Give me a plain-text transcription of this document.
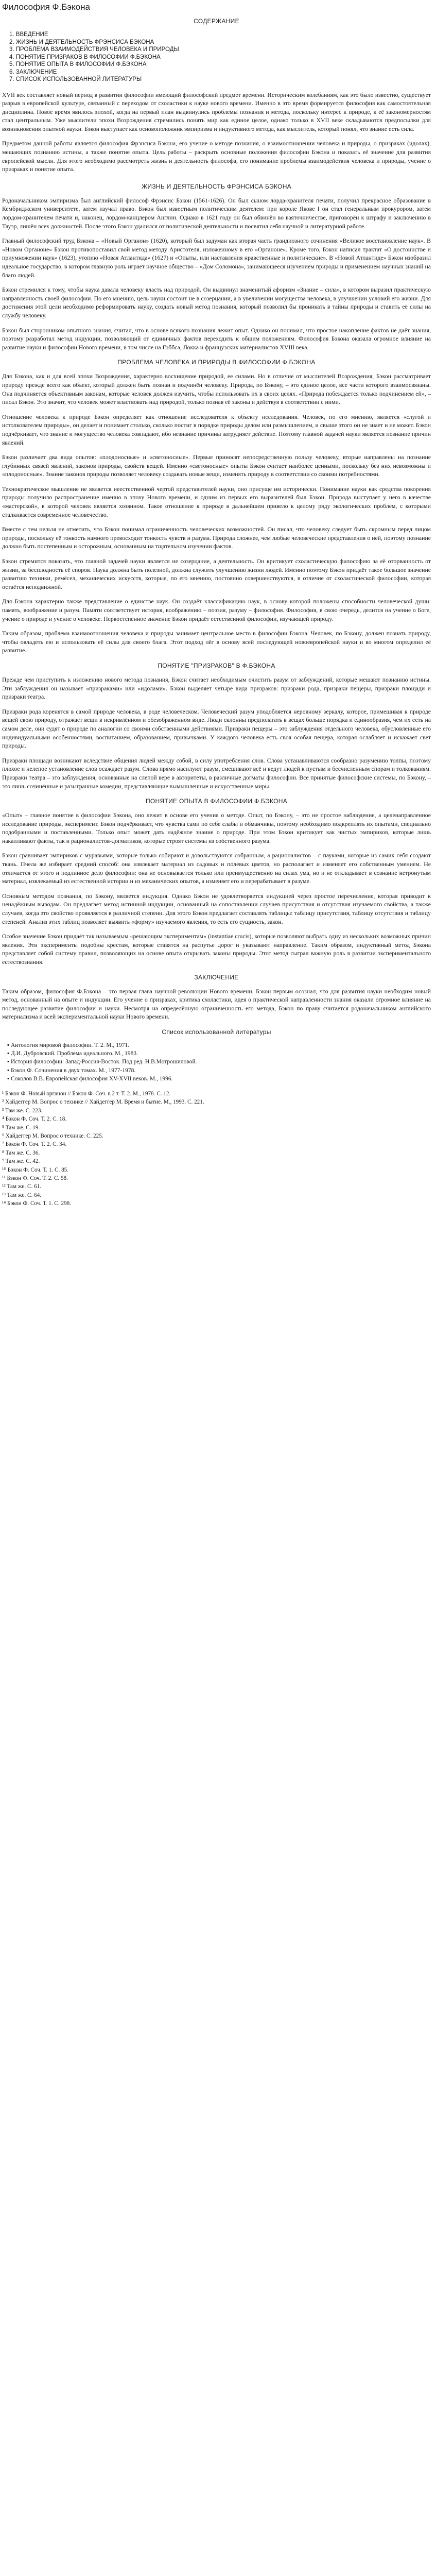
Философия Ф.Бэкона
СОДЕРЖАНИЕ
1. ВВЕДЕНИЕ
2. ЖИЗНЬ И ДЕЯТЕЛЬНОСТЬ ФРЭНСИСА БЭКОНА
3. ПРОБЛЕМА ВЗАИМОДЕЙСТВИЯ ЧЕЛОВЕКА И ПРИРОДЫ
4. ПОНЯТИЕ ПРИЗРАКОВ В ФИЛОСОФИИ Ф.БЭКОНА
5. ПОНЯТИЕ ОПЫТА В ФИЛОСОФИИ Ф.БЭКОНА
6. ЗАКЛЮЧЕНИЕ
7. СПИСОК ИСПОЛЬЗОВАННОЙ ЛИТЕРАТУРЫ

XVII век составляет новый период в развитии философии имеющий философский предмет времени. Историческим колебаниям, как это было известно, существует разрыв в европейской культуре, связанный с переходом от схоластики к науке нового времени. Именно в это время формируется философия как самостоятельная дисциплина. Новое время явилось эпохой, когда на первый план выдвинулись проблемы познания и метода, поскольку интерес к природе, к её закономерностям стал центральным. Уже мыслители эпохи Возрождения стремились понять мир как единое целое, однако только в XVII веке складываются предпосылки для возникновения опытной науки. Бэкон выступает как основоположник эмпиризма и индуктивного метода, как мыслитель, который понял, что знание есть сила.

Предметом данной работы является философия Фрэнсиса Бэкона, его учение о методе познания, о взаимоотношении человека и природы, о призраках (идолах), мешающих познанию истины, а также понятие опыта. Цель работы – раскрыть основные положения философии Бэкона и показать её значение для развития европейской мысли. Для этого необходимо рассмотреть жизнь и деятельность философа, его понимание проблемы взаимодействия человека и природы, учение о призраках и понятие опыта.

ЖИЗНЬ И ДЕЯТЕЛЬНОСТЬ ФРЭНСИСА БЭКОНА

Родоначальником эмпиризма был английский философ Фрэнсис Бэкон (1561-1626). Он был сыном лорда-хранителя печати, получил прекрасное образование в Кембриджском университете, затем изучал право. Бэкон был известным политическим деятелем: при короле Якове I он стал генеральным прокурором, затем лордом-хранителем печати и, наконец, лордом-канцлером Англии. Однако в 1621 году он был обвинён во взяточничестве, приговорён к штрафу и заключению в Тауэр, лишён всех должностей. После этого Бэкон удалился от политической деятельности и посвятил себя научной и литературной работе.

Главный философский труд Бэкона – «Новый Органон» (1620), который был задуман как вторая часть грандиозного сочинения «Великое восстановление наук». В «Новом Органоне» Бэкон противопоставил свой метод методу Аристотеля, изложенному в его «Органоне». Кроме того, Бэкон написал трактат «О достоинстве и приумножении наук» (1623), утопию «Новая Атлантида» (1627) и «Опыты, или наставления нравственные и политические». В «Новой Атлантиде» Бэкон изобразил идеальное государство, в котором главную роль играет научное общество – «Дом Соломона», занимающееся изучением природы и применением научных знаний на благо людей.

Бэкон стремился к тому, чтобы наука давала человеку власть над природой. Он выдвинул знаменитый афоризм «Знание – сила», в котором выразил практическую направленность своей философии. По его мнению, цель науки состоит не в созерцании, а в увеличении могущества человека, в улучшении условий его жизни. Для достижения этой цели необходимо реформировать науку, создать новый метод познания, который позволил бы проникать в тайны природы и ставить её силы на службу человеку.

Бэкон был сторонником опытного знания, считал, что в основе всякого познания лежит опыт. Однако он понимал, что простое накопление фактов не даёт знания, поэтому разработал метод индукции, позволяющий от единичных фактов переходить к общим положениям. Философия Бэкона оказала огромное влияние на развитие науки и философии Нового времени, в том числе на Гоббса, Локка и французских материалистов XVIII века.

ПРОБЛЕМА ЧЕЛОВЕКА И ПРИРОДЫ В ФИЛОСОФИИ Ф.БЭКОНА

Для Бэкона, как и для всей эпохи Возрождения, характерно восхищение природой, ее силами. Но в отличие от мыслителей Возрождения, Бэкон рассматривает природу прежде всего как объект, который должен быть познан и подчинён человеку. Природа, по Бэкону, – это единое целое, все части которого взаимосвязаны. Она подчиняется объективным законам, которые человек должен изучить, чтобы использовать их в своих целях. «Природа побеждается только подчинением ей», – писал Бэкон. Это значит, что человек может властвовать над природой, только познав её законы и действуя в соответствии с ними.

Отношение человека к природе Бэкон определяет как отношение исследователя к объекту исследования. Человек, по его мнению, является «слугой и истолкователем природы», он делает и понимает столько, сколько постиг в порядке природы делом или размышлением, и свыше этого он не знает и не может. Бэкон подчёркивает, что знание и могущество человека совпадают, ибо незнание причины затрудняет действие. Поэтому главной задачей науки является познание причин явлений.

Бэкон различает два вида опытов: «плодоносные» и «светоносные». Первые приносят непосредственную пользу человеку, вторые направлены на познание глубинных связей явлений, законов природы, свойств вещей. Именно «светоносные» опыты Бэкон считает наиболее ценными, поскольку без них невозможны и «плодоносные». Знание законов природы позволяет человеку создавать новые вещи, изменять природу в соответствии со своими потребностями.

Технократическое мышление не является неестественной чертой представителей науки, оно присуще им исторически. Понимание науки как средства покорения природы получило распространение именно в эпоху Нового времени, и одним из первых его выразителей был Бэкон. Природа выступает у него в качестве «мастерской», в которой человек является хозяином. Такое отношение к природе в дальнейшем привело к целому ряду экологических проблем, с которыми сталкивается современное человечество.

Вместе с тем нельзя не отметить, что Бэкон понимал ограниченность человеческих возможностей. Он писал, что человеку следует быть скромным перед лицом природы, поскольку её тонкость намного превосходит тонкость чувств и разума. Природа сложнее, чем любые человеческие представления о ней, поэтому познание должно быть постепенным и осторожным, основанным на тщательном изучении фактов.

Бэкон стремится показать, что главной задачей науки является не созерцание, а деятельность. Он критикует схоластическую философию за её оторванность от жизни, за бесплодность её споров. Наука должна быть полезной, должна служить улучшению жизни людей. Именно поэтому Бэкон придаёт такое большое значение развитию техники, ремёсел, механических искусств, которые, по его мнению, постоянно совершенствуются, в отличие от схоластической философии, которая остаётся неподвижной.

Для Бэкона характерно также представление о единстве наук. Он создаёт классификацию наук, в основу которой положены способности человеческой души: память, воображение и разум. Памяти соответствует история, воображению – поэзия, разуму – философия. Философия, в свою очередь, делится на учение о Боге, учение о природе и учение о человеке. Первостепенное значение Бэкон придаёт естественной философии, изучающей природу.

Таким образом, проблема взаимоотношения человека и природы занимает центральное место в философии Бэкона. Человек, по Бэкону, должен познать природу, чтобы овладеть ею и использовать её силы для своего блага. Этот подход лёг в основу всей последующей новоевропейской науки и во многом определил её развитие.

ПОНЯТИЕ "ПРИЗРАКОВ" В Ф.БЭКОНА

Прежде чем приступить к изложению нового метода познания, Бэкон считает необходимым очистить разум от заблуждений, которые мешают познанию истины. Эти заблуждения он называет «призраками» или «идолами». Бэкон выделяет четыре вида призраков: призраки рода, призраки пещеры, призраки площади и призраки театра.

Призраки рода коренятся в самой природе человека, в роде человеческом. Человеческий разум уподобляется неровному зеркалу, которое, примешивая к природе вещей свою природу, отражает вещи в искривлённом и обезображенном виде. Люди склонны предполагать в вещах больше порядка и единообразия, чем их есть на самом деле, они судят о природе по аналогии со своими собственными действиями. Призраки пещеры – это заблуждения отдельного человека, обусловленные его индивидуальными особенностями, воспитанием, образованием, привычками. У каждого человека есть своя особая пещера, которая ослабляет и искажает свет природы.

Призраки площади возникают вследствие общения людей между собой, в силу употребления слов. Слова устанавливаются сообразно разумению толпы, поэтому плохое и нелепое установление слов осаждает разум. Слова прямо насилуют разум, смешивают всё и ведут людей к пустым и бесчисленным спорам и толкованиям. Призраки театра – это заблуждения, основанные на слепой вере в авторитеты, в различные догматы философии. Все принятые философские системы, по Бэкону, – это лишь сочинённые и разыгранные комедии, представляющие вымышленные и искусственные миры.

ПОНЯТИЕ ОПЫТА В ФИЛОСОФИИ Ф.БЭКОНА

«Опыт» – главное понятие в философии Бэкона, оно лежит в основе его учения о методе. Опыт, по Бэкону, – это не простое наблюдение, а целенаправленное исследование природы, эксперимент. Бэкон подчёркивает, что чувства сами по себе слабы и обманчивы, поэтому необходимо подкреплять их опытами, специально подобранными и поставленными. Только опыт может дать надёжное знание о природе. При этом Бэкон критикует как чистых эмпириков, которые лишь накапливают факты, так и рационалистов-догматиков, которые строят системы из собственного разума.

Бэкон сравнивает эмпириков с муравьями, которые только собирают и довольствуются собранным, а рационалистов – с пауками, которые из самих себя создают ткань. Пчела же избирает средний способ: она извлекает материал из садовых и полевых цветов, но располагает и изменяет его собственным умением. Не отличается от этого и подлинное дело философии: она не основывается только или преимущественно на силах ума, но и не откладывает в сознание нетронутым материал, извлекаемый из естественной истории и из механических опытов, а изменяет его и перерабатывает в разуме.

Основным методом познания, по Бэкону, является индукция. Однако Бэкон не удовлетворяется индукцией через простое перечисление, которая приводит к ненадёжным выводам. Он предлагает метод истинной индукции, основанный на сопоставлении случаев присутствия и отсутствия изучаемого свойства, а также случаев, когда это свойство проявляется в различной степени. Для этого Бэкон предлагает составлять таблицы: таблицу присутствия, таблицу отсутствия и таблицу степеней. Анализ этих таблиц позволяет выявить «форму» изучаемого явления, то есть его сущность, закон.

Особое значение Бэкон придаёт так называемым «решающим экспериментам» (instantiae crucis), которые позволяют выбрать одну из нескольких возможных причин явления. Эти эксперименты подобны крестам, которые ставятся на распутье дорог и указывают направление. Таким образом, индуктивный метод Бэкона представляет собой систему правил, позволяющих на основе опыта открывать законы природы. Этот метод сыграл важную роль в развитии экспериментального естествознания.

ЗАКЛЮЧЕНИЕ

Таким образом, философия Ф.Бэкона – это первая глава научной революции Нового времени. Бэкон первым осознал, что для развития науки необходим новый метод, основанный на опыте и индукции. Его учение о призраках, критика схоластики, идея о практической направленности знания оказали огромное влияние на последующее развитие философии и науки. Несмотря на определённую ограниченность его метода, Бэкон по праву считается родоначальником английского материализма и всей экспериментальной науки Нового времени.

Список использованной литературы
▪ Антология мировой философии. Т. 2. М., 1971.
▪ Д.И. Дубровский. Проблема идеального. М., 1983.
▪ История философии: Запад-Россия-Восток. Под ред. Н.В.Мотрошиловой.
▪ Бэкон Ф. Сочинения в двух томах. М., 1977-1978.
▪ Соколов В.В. Европейская философия XV-XVII веков. М., 1996.
¹ Бэкон Ф. Новый органон // Бэкон Ф. Соч. в 2 т. Т. 2. М., 1978. С. 12.
² Хайдеггер М. Вопрос о технике // Хайдеггер М. Время и бытие. М., 1993. С. 221.
³ Там же. С. 223.
⁴ Бэкон Ф. Соч. Т. 2. С. 18.
⁵ Там же. С. 19.
⁶ Хайдеггер М. Вопрос о технике. С. 225.
⁷ Бэкон Ф. Соч. Т. 2. С. 34.
⁸ Там же. С. 36.
⁹ Там же. С. 42.
¹⁰ Бэкон Ф. Соч. Т. 1. С. 85.
¹¹ Бэкон Ф. Соч. Т. 2. С. 58.
¹² Там же. С. 61.
¹³ Там же. С. 64.
¹⁴ Бэкон Ф. Соч. Т. 1. С. 298.
